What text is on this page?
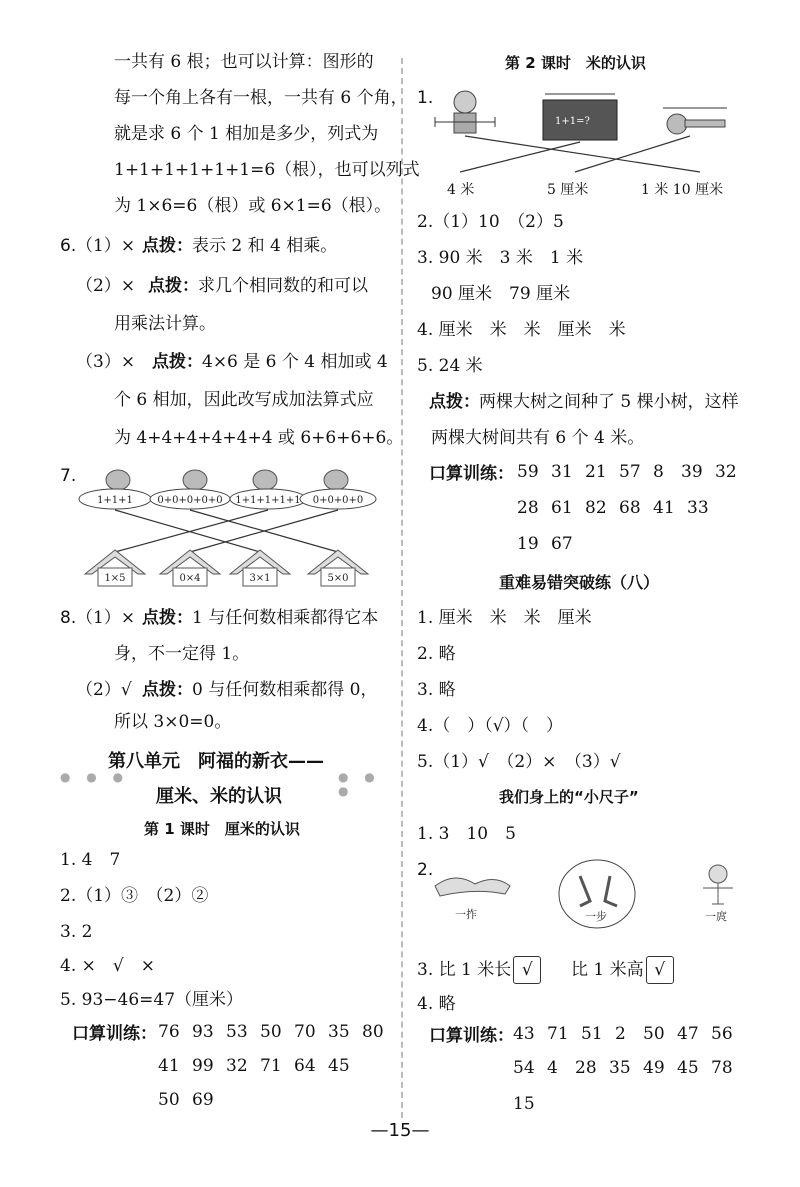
一共有 6 根；也可以计算：图形的
每一个角上各有一根，一共有 6 个角，
就是求 6 个 1 相加是多少，列式为
1+1+1+1+1+1=6（根），也可以列式
为 1×6=6（根）或 6×1=6（根）。
6. （1）× 点拨： 表示 2 和 4 相乘。
（2）× 点拨： 求几个相同数的和可以
用乘法计算。
（3）× 点拨： 4×6 是 6 个 4 相加或 4
个 6 相加，因此改写成加法算式应
为 4+4+4+4+4+4 或 6+6+6+6。
7.
1+1+1 0+0+0+0+0 1+1+1+1+1 0+0+0+0
1×5	0×4	3×1	5×0
8. （1）× 点拨： 1 与任何数相乘都得它本
身，不一定得 1。
（2）√ 点拨： 0 与任何数相乘都得 0，
所以 3×0=0。
第八单元　阿福的新衣——
● ● ●	● ● ●
厘米、米的认识
第 1 课时　厘米的认识
1. 4　7
2.（1）③　（2）②
3. 2
4. ×　√　×
5. 93−46=47（厘米）
口算训练： 76 93 53 50 70 35 80
41 99 32 71 64 45
50 69
第 2 课时　米的认识
1.
1+1=?
4 米	5 厘米	1 米 10 厘米
2.（1）10　（2）5
3. 90 米　3 米　1 米
90 厘米　79 厘米
4. 厘米　米　米　厘米　米
5. 24 米
点拨： 两棵大树之间种了 5 棵小树，这样
两棵大树间共有 6 个 4 米。
口算训练： 59 31 21 57 8 39 32
28 61 82 68 41 33
19 67
重难易错突破练（八）
1. 厘米　米　米　厘米
2. 略
3. 略
4.（　）（√）（　）
5.（1）√　（2）×　（3）√
我们身上的“小尺子”
1. 3　10　5
2.
一拃	一步	一庹
3. 比 1 米长 √	比 1 米高 √
4. 略
口算训练： 43 71 51 2 50 47 56
54 4 28 35 49 45 78
15
—15—
